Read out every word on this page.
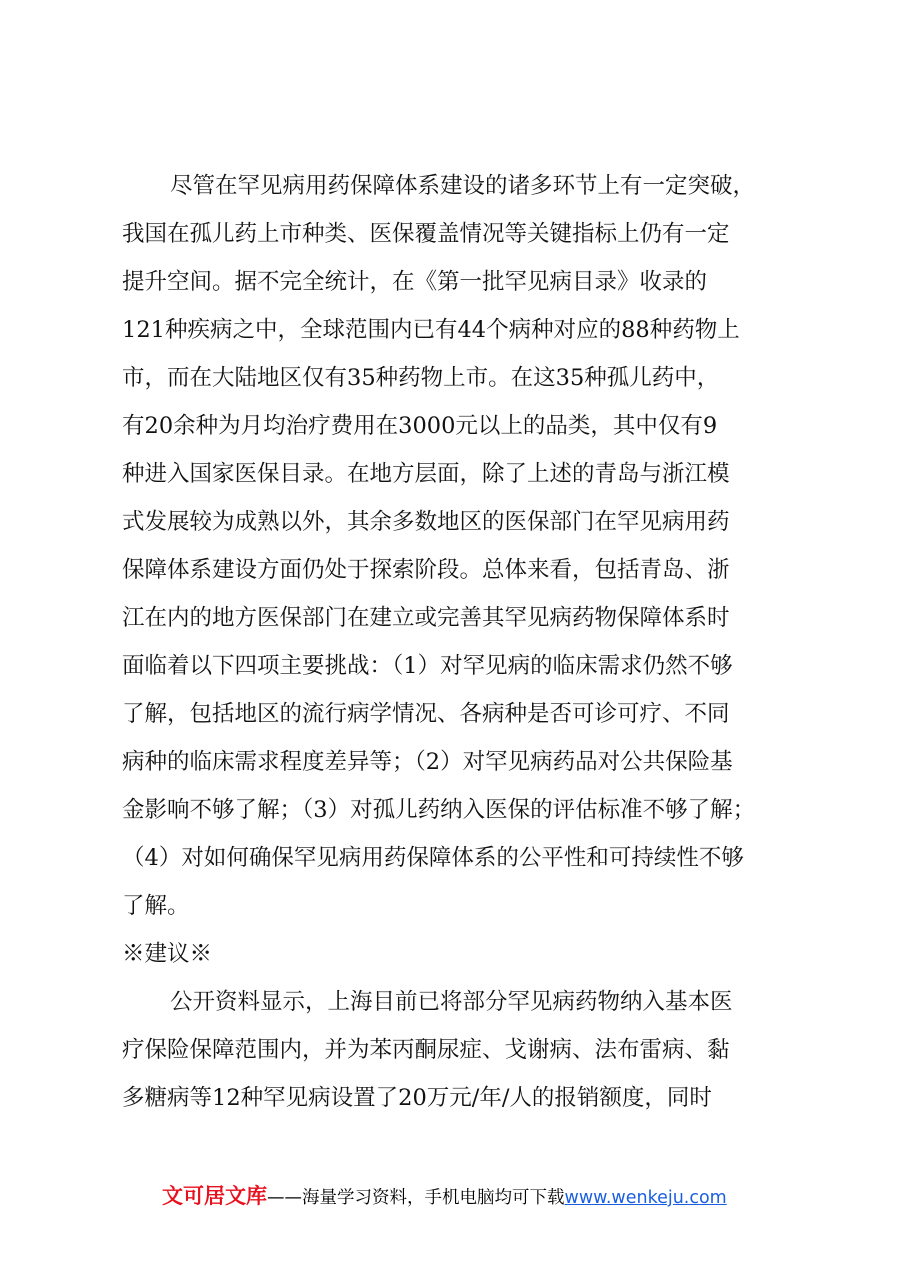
尽管在罕见病用药保障体系建设的诸多环节上有一定突破，
我国在孤儿药上市种类、医保覆盖情况等关键指标上仍有一定
提升空间。据不完全统计，在《第一批罕见病目录》收录的
121种疾病之中，全球范围内已有44个病种对应的88种药物上
市，而在大陆地区仅有35种药物上市。在这35种孤儿药中，
有20余种为月均治疗费用在3000元以上的品类，其中仅有9
种进入国家医保目录。在地方层面，除了上述的青岛与浙江模
式发展较为成熟以外，其余多数地区的医保部门在罕见病用药
保障体系建设方面仍处于探索阶段。总体来看，包括青岛、浙
江在内的地方医保部门在建立或完善其罕见病药物保障体系时
面临着以下四项主要挑战：（1）对罕见病的临床需求仍然不够
了解，包括地区的流行病学情况、各病种是否可诊可疗、不同
病种的临床需求程度差异等；（2）对罕见病药品对公共保险基
金影响不够了解；（3）对孤儿药纳入医保的评估标准不够了解；
（4）对如何确保罕见病用药保障体系的公平性和可持续性不够
了解。
※建议※
公开资料显示，上海目前已将部分罕见病药物纳入基本医
疗保险保障范围内，并为苯丙酮尿症、戈谢病、法布雷病、黏
多糖病等12种罕见病设置了20万元/年/人的报销额度，同时
文可居文库——海量学习资料，手机电脑均可下载www.wenkeju.com
